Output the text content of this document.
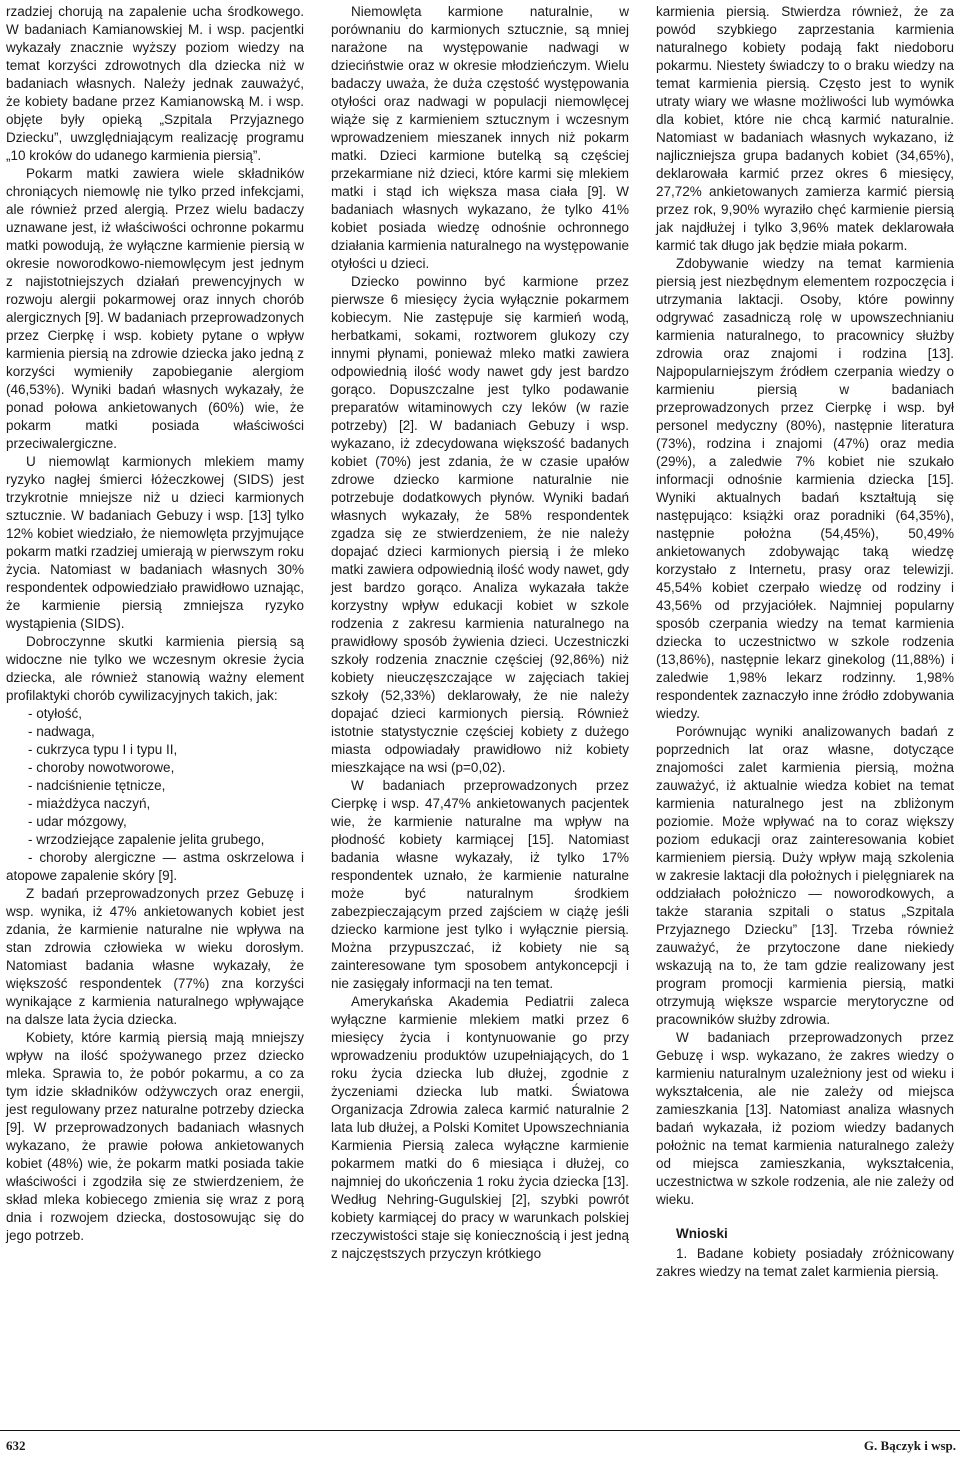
rzadziej chorują na zapalenie ucha środkowego. W badaniach Kamianowskiej M. i wsp. pacjentki wykazały znacznie wyższy poziom wiedzy na temat korzyści zdrowotnych dla dziecka niż w badaniach własnych. Należy jednak zauważyć, że kobiety badane przez Kamianowską M. i wsp. objęte były opieką „Szpitala Przyjaznego Dziecku”, uwzględniającym realizację programu „10 kroków do udanego karmienia piersią”.

Pokarm matki zawiera wiele składników chroniących niemowlę nie tylko przed infekcjami, ale również przed alergią. Przez wielu badaczy uznawane jest, iż właściwości ochronne pokarmu matki powodują, że wyłączne karmienie piersią w okresie noworodkowo-niemowlęcym jest jednym z najistotniejszych działań prewencyjnych w rozwoju alergii pokarmowej oraz innych chorób alergicznych [9]. W badaniach przeprowadzonych przez Cierpkę i wsp. kobiety pytane o wpływ karmienia piersią na zdrowie dziecka jako jedną z korzyści wymieniły zapobieganie alergiom (46,53%). Wyniki badań własnych wykazały, że ponad połowa ankietowanych (60%) wie, że pokarm matki posiada właściwości przeciwalergiczne.

U niemowląt karmionych mlekiem mamy ryzyko nagłej śmierci łóżeczkowej (SIDS) jest trzykrotnie mniejsze niż u dzieci karmionych sztucznie. W badaniach Gebuzy i wsp. [13] tylko 12% kobiet wiedziało, że niemowlęta przyjmujące pokarm matki rzadziej umierają w pierwszym roku życia. Natomiast w badaniach własnych 30% respondentek odpowiedziało prawidłowo uznając, że karmienie piersią zmniejsza ryzyko wystąpienia (SIDS).

Dobroczynne skutki karmienia piersią są widoczne nie tylko we wczesnym okresie życia dziecka, ale również stanowią ważny element profilaktyki chorób cywilizacyjnych takich, jak:

- otyłość,
- nadwaga,
- cukrzyca typu I i typu II,
- choroby nowotworowe,
- nadciśnienie tętnicze,
- miażdżyca naczyń,
- udar mózgowy,
- wrzodziejące zapalenie jelita grubego,
- choroby alergiczne — astma oskrzelowa i atopowe zapalenie skóry [9].

Z badań przeprowadzonych przez Gebuzę i wsp. wynika, iż 47% ankietowanych kobiet jest zdania, że karmienie naturalne nie wpływa na stan zdrowia człowieka w wieku dorosłym. Natomiast badania własne wykazały, że większość respondentek (77%) zna korzyści wynikające z karmienia naturalnego wpływające na dalsze lata życia dziecka.

Kobiety, które karmią piersią mają mniejszy wpływ na ilość spożywanego przez dziecko mleka. Sprawia to, że pobór pokarmu, a co za tym idzie składników odżywczych oraz energii, jest regulowany przez naturalne potrzeby dziecka [9]. W przeprowadzonych badaniach własnych wykazano, że prawie połowa ankietowanych kobiet (48%) wie, że pokarm matki posiada takie właściwości i zgodziła się ze stwierdzeniem, że skład mleka kobiecego zmienia się wraz z porą dnia i rozwojem dziecka, dostosowując się do jego potrzeb.

Niemowlęta karmione naturalnie, w porównaniu do karmionych sztucznie, są mniej narażone na występowanie nadwagi w dzieciństwie oraz w okresie młodzieńczym. Wielu badaczy uważa, że duża częstość występowania otyłości oraz nadwagi w populacji niemowlęcej wiąże się z karmieniem sztucznym i wczesnym wprowadzeniem mieszanek innych niż pokarm matki. Dzieci karmione butelką są częściej przekarmiane niż dzieci, które karmi się mlekiem matki i stąd ich większa masa ciała [9]. W badaniach własnych wykazano, że tylko 41% kobiet posiada wiedzę odnośnie ochronnego działania karmienia naturalnego na występowanie otyłości u dzieci.

Dziecko powinno być karmione przez pierwsze 6 miesięcy życia wyłącznie pokarmem kobiecym. Nie zastępuje się karmień wodą, herbatkami, sokami, roztworem glukozy czy innymi płynami, ponieważ mleko matki zawiera odpowiednią ilość wody nawet gdy jest bardzo gorąco. Dopuszczalne jest tylko podawanie preparatów witaminowych czy leków (w razie potrzeby) [2]. W badaniach Gebuzy i wsp. wykazano, iż zdecydowana większość badanych kobiet (70%) jest zdania, że w czasie upałów zdrowe dziecko karmione naturalnie nie potrzebuje dodatkowych płynów. Wyniki badań własnych wykazały, że 58% respondentek zgadza się ze stwierdzeniem, że nie należy dopajać dzieci karmionych piersią i że mleko matki zawiera odpowiednią ilość wody nawet, gdy jest bardzo gorąco. Analiza wykazała także korzystny wpływ edukacji kobiet w szkole rodzenia z zakresu karmienia naturalnego na prawidłowy sposób żywienia dzieci. Uczestniczki szkoły rodzenia znacznie częściej (92,86%) niż kobiety nieuczęszczające w zajęciach takiej szkoły (52,33%) deklarowały, że nie należy dopajać dzieci karmionych piersią. Również istotnie statystycznie częściej kobiety z dużego miasta odpowiadały prawidłowo niż kobiety mieszkające na wsi (p=0,02).

W badaniach przeprowadzonych przez Cierpkę i wsp. 47,47% ankietowanych pacjentek wie, że karmienie naturalne ma wpływ na płodność kobiety karmiącej [15]. Natomiast badania własne wykazały, iż tylko 17% respondentek uznało, że karmienie naturalne może być naturalnym środkiem zabezpieczającym przed zajściem w ciążę jeśli dziecko karmione jest tylko i wyłącznie piersią. Można przypuszczać, iż kobiety nie są zainteresowane tym sposobem antykoncepcji i nie zasięgały informacji na ten temat.

Amerykańska Akademia Pediatrii zaleca wyłączne karmienie mlekiem matki przez 6 miesięcy życia i kontynuowanie go przy wprowadzeniu produktów uzupełniających, do 1 roku życia dziecka lub dłużej, zgodnie z życzeniami dziecka lub matki. Światowa Organizacja Zdrowia zaleca karmić naturalnie 2 lata lub dłużej, a Polski Komitet Upowszechniania Karmienia Piersią zaleca wyłączne karmienie pokarmem matki do 6 miesiąca i dłużej, co najmniej do ukończenia 1 roku życia dziecka [13]. Według Nehring-Gugulskiej [2], szybki powrót kobiety karmiącej do pracy w warunkach polskiej rzeczywistości staje się koniecznością i jest jedną z najczęstszych przyczyn krótkiego

karmienia piersią. Stwierdza również, że za powód szybkiego zaprzestania karmienia naturalnego kobiety podają fakt niedoboru pokarmu. Niestety świadczy to o braku wiedzy na temat karmienia piersią. Często jest to wynik utraty wiary we własne możliwości lub wymówka dla kobiet, które nie chcą karmić naturalnie. Natomiast w badaniach własnych wykazano, iż najliczniejsza grupa badanych kobiet (34,65%), deklarowała karmić przez okres 6 miesięcy, 27,72% ankietowanych zamierza karmić piersią przez rok, 9,90% wyraziło chęć karmienie piersią jak najdłużej i tylko 3,96% matek deklarowała karmić tak długo jak będzie miała pokarm.

Zdobywanie wiedzy na temat karmienia piersią jest niezbędnym elementem rozpoczęcia i utrzymania laktacji. Osoby, które powinny odgrywać zasadniczą rolę w upowszechnianiu karmienia naturalnego, to pracownicy służby zdrowia oraz znajomi i rodzina [13]. Najpopularniejszym źródłem czerpania wiedzy o karmieniu piersią w badaniach przeprowadzonych przez Cierpkę i wsp. był personel medyczny (80%), następnie literatura (73%), rodzina i znajomi (47%) oraz media (29%), a zaledwie 7% kobiet nie szukało informacji odnośnie karmienia dziecka [15]. Wyniki aktualnych badań kształtują się następująco: książki oraz poradniki (64,35%), następnie położna (54,45%), 50,49% ankietowanych zdobywając taką wiedzę korzystało z Internetu, prasy oraz telewizji. 45,54% kobiet czerpało wiedzę od rodziny i 43,56% od przyjaciółek. Najmniej popularny sposób czerpania wiedzy na temat karmienia dziecka to uczestnictwo w szkole rodzenia (13,86%), następnie lekarz ginekolog (11,88%) i zaledwie 1,98% lekarz rodzinny. 1,98% respondentek zaznaczyło inne źródło zdobywania wiedzy.

Porównując wyniki analizowanych badań z poprzednich lat oraz własne, dotyczące znajomości zalet karmienia piersią, można zauważyć, iż aktualnie wiedza kobiet na temat karmienia naturalnego jest na zbliżonym poziomie. Może wpływać na to coraz większy poziom edukacji oraz zainteresowania kobiet karmieniem piersią. Duży wpływ mają szkolenia w zakresie laktacji dla położnych i pielęgniarek na oddziałach położniczo — noworodkowych, a także starania szpitali o status „Szpitala Przyjaznego Dziecku” [13]. Trzeba również zauważyć, że przytoczone dane niekiedy wskazują na to, że tam gdzie realizowany jest program promocji karmienia piersią, matki otrzymują większe wsparcie merytoryczne od pracowników służby zdrowia.

W badaniach przeprowadzonych przez Gebuzę i wsp. wykazano, że zakres wiedzy o karmieniu naturalnym uzależniony jest od wieku i wykształcenia, ale nie zależy od miejsca zamieszkania [13]. Natomiast analiza własnych badań wykazała, iż poziom wiedzy badanych położnic na temat karmienia naturalnego zależy od miejsca zamieszkania, wykształcenia, uczestnictwa w szkole rodzenia, ale nie zależy od wieku.

Wnioski

1. Badane kobiety posiadały zróżnicowany zakres wiedzy na temat zalet karmienia piersią.

632	G. Bączyk i wsp.
